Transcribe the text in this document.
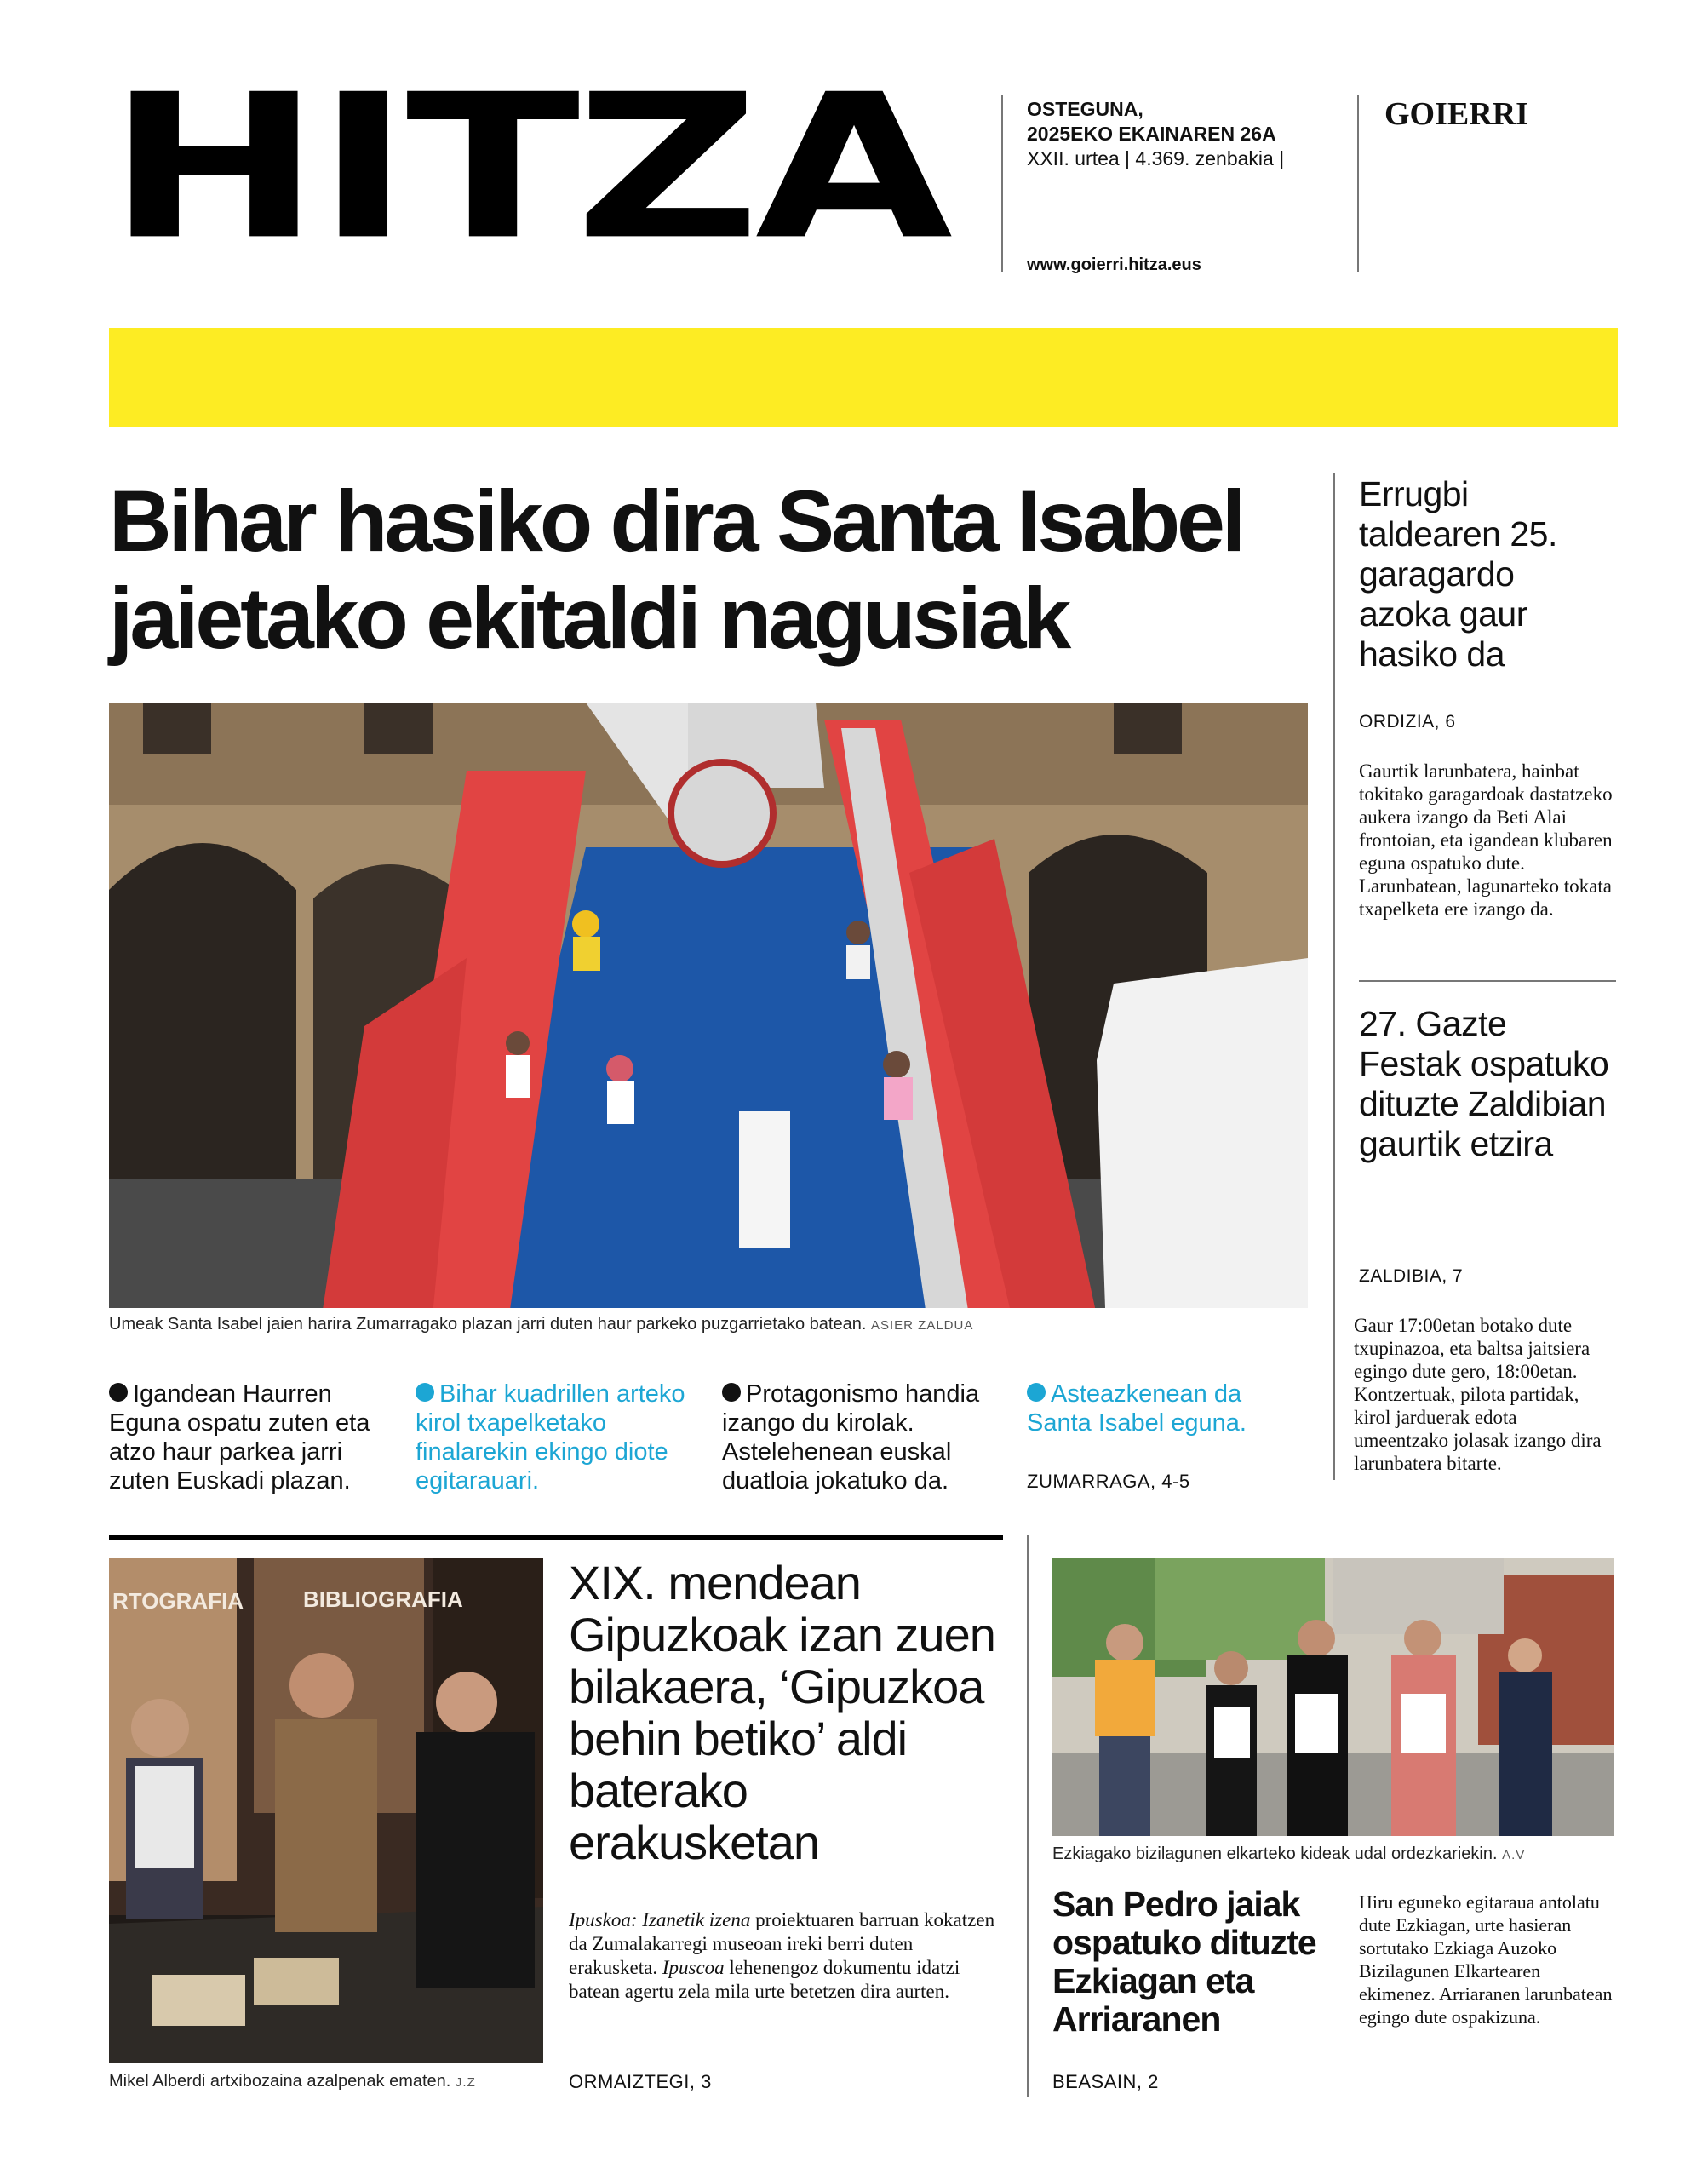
HITZA	OSTEGUNA,
2025EKO EKAINAREN 26A
XXII. urtea | 4.369. zenbakia |
www.goierri.hitza.eus
GOIERRI
Bihar hasiko dira Santa Isabel
jaietako ekitaldi nagusiak
Umeak Santa Isabel jaien harira Zumarragako plazan jarri duten haur parkeko puzgarrietako batean. ASIER ZALDUA
Igandean Haurren Eguna ospatu zuten eta atzo haur parkea jarri zuten Euskadi plazan.
Bihar kuadrillen arteko kirol txapelketako finalarekin ekingo diote egitarauari.
Protagonismo handia izango du kirolak. Astelehenean euskal duatloia jokatuko da.
Asteazkenean da Santa Isabel eguna.
ZUMARRAGA, 4-5
Errugbi taldearen 25. garagardo azoka gaur hasiko da
ORDIZIA, 6
Gaurtik larunbatera, hainbat tokitako garagardoak dastatzeko aukera izango da Beti Alai frontoian, eta igandean klubaren eguna ospatuko dute. Larunbatean, lagunarteko tokata txapelketa ere izango da.
27. Gazte Festak ospatuko dituzte Zaldibian gaurtik etzira
ZALDIBIA, 7
Gaur 17:00etan botako dute txupinazoa, eta baltsa jaitsiera egingo dute gero, 18:00etan. Kontzertuak, pilota partidak, kirol jarduerak edota umeentzako jolasak izango dira larunbatera bitarte.
RTOGRAFIA	BIBLIOGRAFIA
Mikel Alberdi artxibozaina azalpenak ematen. J.Z
XIX. mendean Gipuzkoak izan zuen bilakaera, ‘Gipuzkoa behin betiko’ aldi baterako erakusketan
Ipuskoa: Izanetik izena proiektuaren barruan kokatzen da Zumalakarregi museoan ireki berri duten erakusketa. Ipuscoa lehenengoz dokumentu idatzi batean agertu zela mila urte betetzen dira aurten.
ORMAIZTEGI, 3
Ezkiagako bizilagunen elkarteko kideak udal ordezkariekin. A.V
San Pedro jaiak ospatuko dituzte Ezkiagan eta Arriaranen
Hiru eguneko egitaraua antolatu dute Ezkiagan, urte hasieran sortutako Ezkiaga Auzoko Bizilagunen Elkartearen ekimenez. Arriaranen larunbatean egingo dute ospakizuna.
BEASAIN, 2
